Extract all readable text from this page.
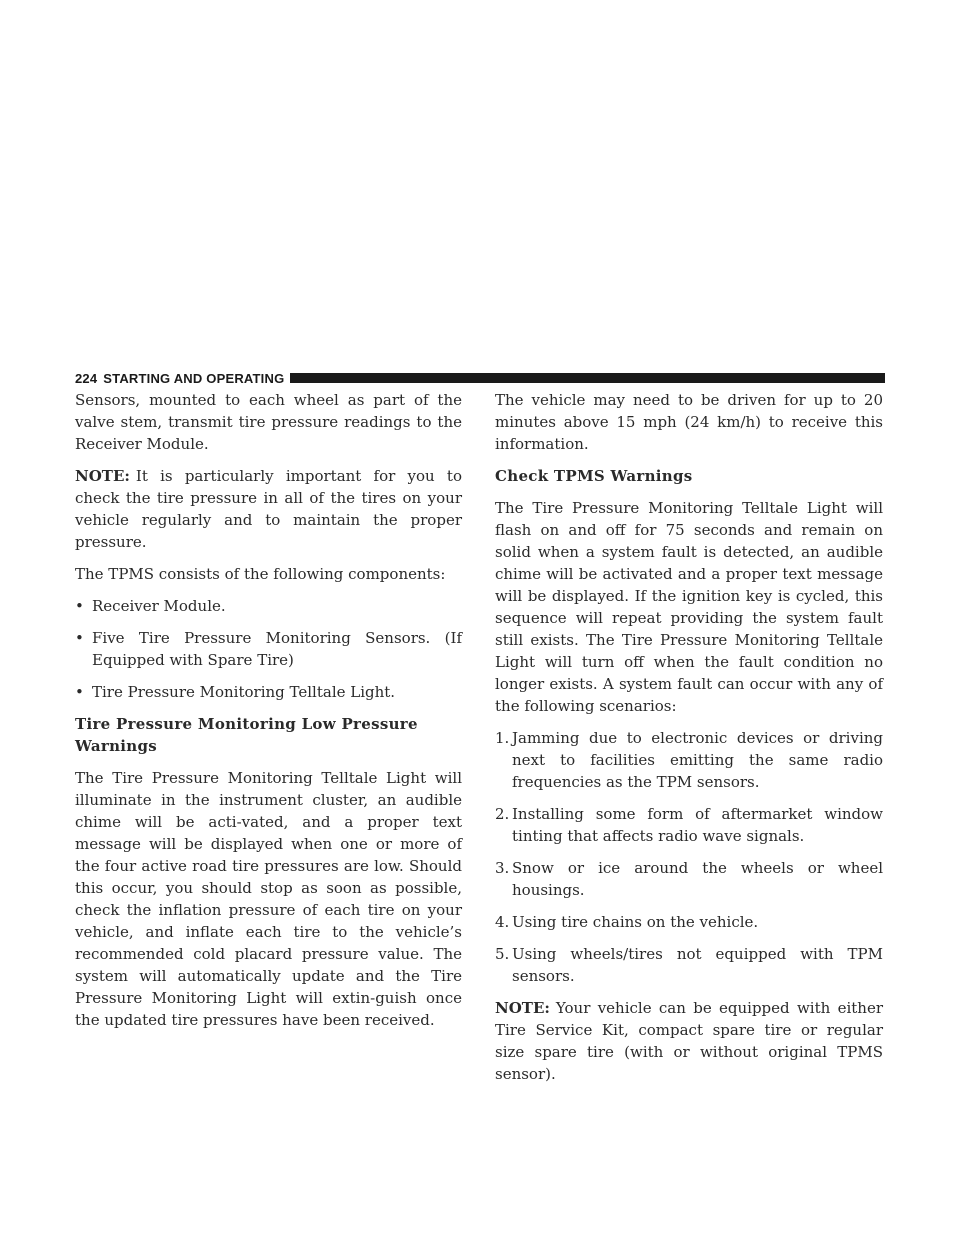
224 STARTING AND OPERATING

Sensors, mounted to each wheel as part of the valve stem, transmit tire pressure readings to the Receiver Module.

NOTE: It is particularly important for you to check the tire pressure in all of the tires on your vehicle regularly and to maintain the proper pressure.

The TPMS consists of the following components:

• Receiver Module.
• Five Tire Pressure Monitoring Sensors. (If Equipped with Spare Tire)
• Tire Pressure Monitoring Telltale Light.
Tire Pressure Monitoring Low Pressure Warnings

The Tire Pressure Monitoring Telltale Light will illuminate in the instrument cluster, an audible chime will be acti-vated, and a proper text message will be displayed when one or more of the four active road tire pressures are low. Should this occur, you should stop as soon as possible, check the inflation pressure of each tire on your vehicle, and inflate each tire to the vehicle’s recommended cold placard pressure value. The system will automatically update and the Tire Pressure Monitoring Light will extin-guish once the updated tire pressures have been received.

The vehicle may need to be driven for up to 20 minutes above 15 mph (24 km/h) to receive this information.

Check TPMS Warnings

The Tire Pressure Monitoring Telltale Light will flash on and off for 75 seconds and remain on solid when a system fault is detected, an audible chime will be activated and a proper text message will be displayed. If the ignition key is cycled, this sequence will repeat providing the system fault still exists. The Tire Pressure Monitoring Telltale Light will turn off when the fault condition no longer exists. A system fault can occur with any of the following scenarios:

1. Jamming due to electronic devices or driving next to facilities emitting the same radio frequencies as the TPM sensors.
2. Installing some form of aftermarket window tinting that affects radio wave signals.
3. Snow or ice around the wheels or wheel housings.
4. Using tire chains on the vehicle.
5. Using wheels/tires not equipped with TPM sensors.

NOTE: Your vehicle can be equipped with either Tire Service Kit, compact spare tire or regular size spare tire (with or without original TPMS sensor).
